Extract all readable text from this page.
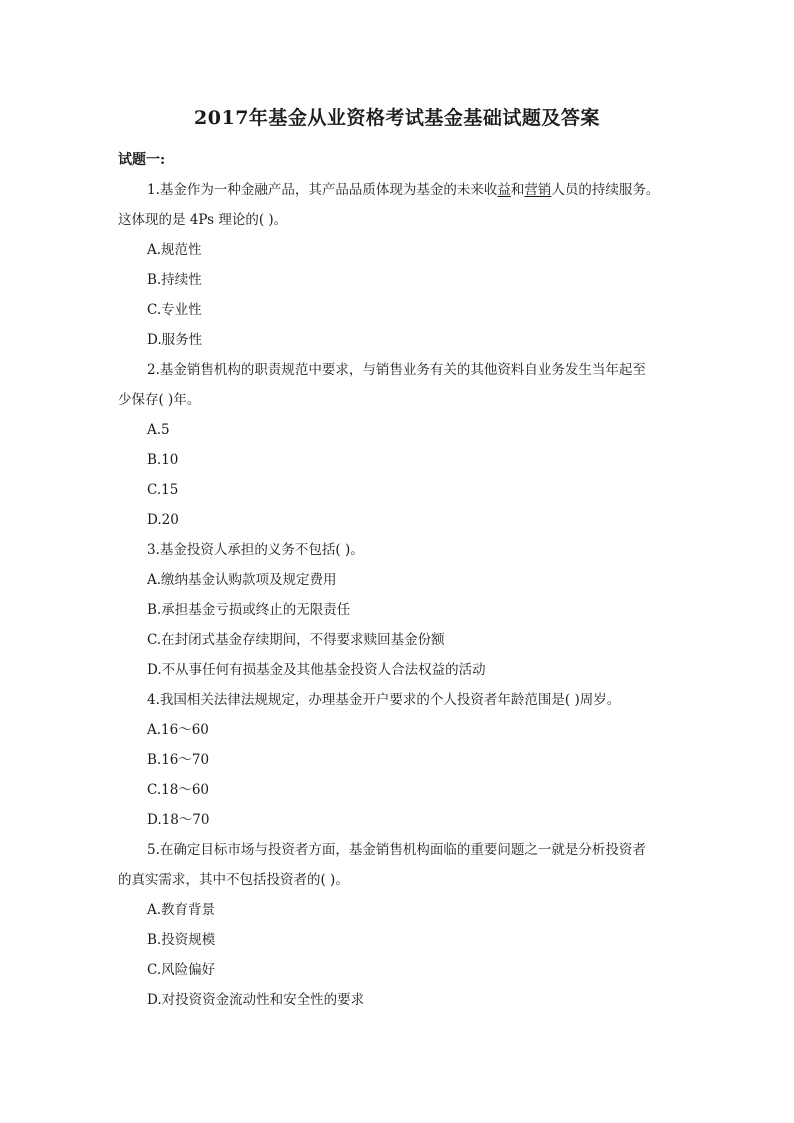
2017年基金从业资格考试基金基础试题及答案
试题一:
1.基金作为一种金融产品，其产品品质体现为基金的未来收益和营销人员的持续服务。
这体现的是 4Ps 理论的( )。
A.规范性
B.持续性
C.专业性
D.服务性
2.基金销售机构的职责规范中要求，与销售业务有关的其他资料自业务发生当年起至
少保存( )年。
A.5
B.10
C.15
D.20
3.基金投资人承担的义务不包括( )。
A.缴纳基金认购款项及规定费用
B.承担基金亏损或终止的无限责任
C.在封闭式基金存续期间，不得要求赎回基金份额
D.不从事任何有损基金及其他基金投资人合法权益的活动
4.我国相关法律法规规定，办理基金开户要求的个人投资者年龄范围是( )周岁。
A.16～60
B.16～70
C.18～60
D.18～70
5.在确定目标市场与投资者方面，基金销售机构面临的重要问题之一就是分析投资者
的真实需求，其中不包括投资者的( )。
A.教育背景
B.投资规模
C.风险偏好
D.对投资资金流动性和安全性的要求
